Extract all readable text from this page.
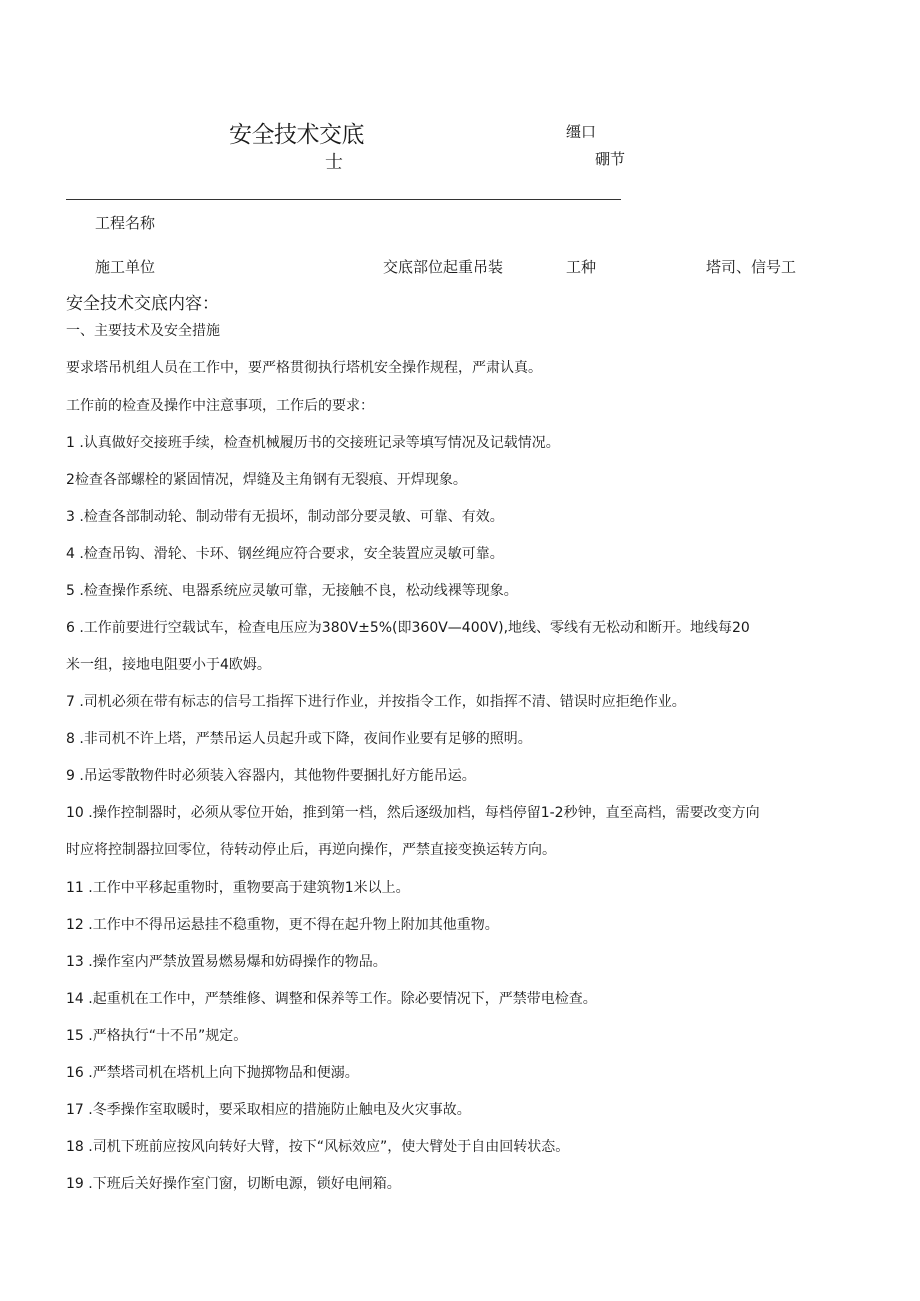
安全技术交底	缰口
士	硼节
工程名称
施工单位	交底部位起重吊装	工种	塔司、信号工
安全技术交底内容：
一、主要技术及安全措施
要求塔吊机组人员在工作中，要严格贯彻执行塔机安全操作规程，严肃认真。
工作前的检查及操作中注意事项，工作后的要求：
1 .认真做好交接班手续，检查机械履历书的交接班记录等填写情况及记载情况。
2检查各部螺栓的紧固情况，焊缝及主角钢有无裂痕、开焊现象。
3 .检查各部制动轮、制动带有无损坏，制动部分要灵敏、可靠、有效。
4 .检查吊钩、滑轮、卡环、钢丝绳应符合要求，安全装置应灵敏可靠。
5 .检查操作系统、电器系统应灵敏可靠，无接触不良，松动线裸等现象。
6 .工作前要进行空载试车，检查电压应为380V±5%(即360V—400V),地线、零线有无松动和断开。地线每20
米一组，接地电阻要小于4欧姆。
7 .司机必须在带有标志的信号工指挥下进行作业，并按指令工作，如指挥不清、错误时应拒绝作业。
8 .非司机不许上塔，严禁吊运人员起升或下降，夜间作业要有足够的照明。
9 .吊运零散物件时必须装入容器内，其他物件要捆扎好方能吊运。
10 .操作控制器时，必须从零位开始，推到第一档，然后逐级加档，每档停留1-2秒钟，直至高档，需要改变方向
时应将控制器拉回零位，待转动停止后，再逆向操作，严禁直接变换运转方向。
11 .工作中平移起重物时，重物要高于建筑物1米以上。
12 .工作中不得吊运悬挂不稳重物，更不得在起升物上附加其他重物。
13 .操作室内严禁放置易燃易爆和妨碍操作的物品。
14 .起重机在工作中，严禁维修、调整和保养等工作。除必要情况下，严禁带电检查。
15 .严格执行“十不吊”规定。
16 .严禁塔司机在塔机上向下抛掷物品和便溺。
17 .冬季操作室取暖时，要采取相应的措施防止触电及火灾事故。
18 .司机下班前应按风向转好大臂，按下“风标效应”，使大臂处于自由回转状态。
19 .下班后关好操作室门窗，切断电源，锁好电闸箱。
